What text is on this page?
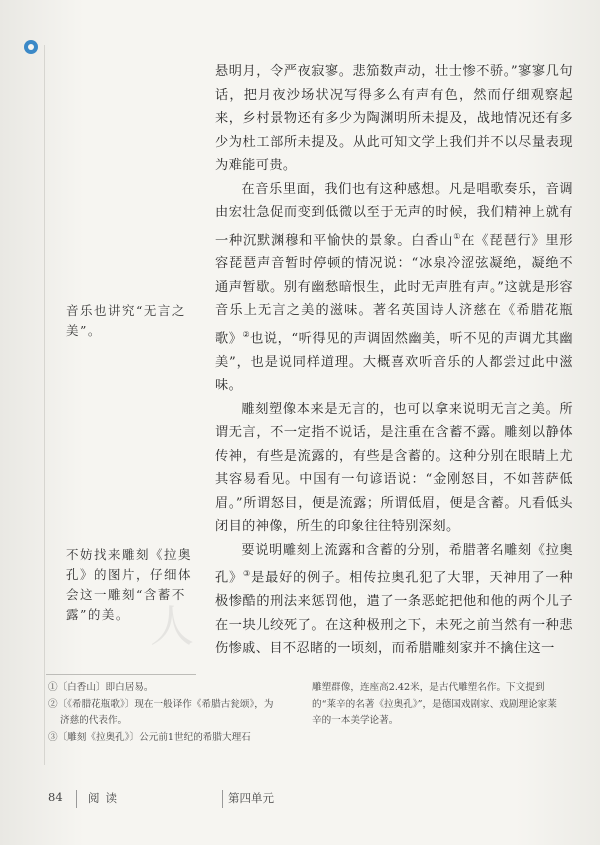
人

悬明月，令严夜寂寥。悲笳数声动，壮士惨不骄。”寥寥几句话，把月夜沙场状况写得多么有声有色，然而仔细观察起来，乡村景物还有多少为陶渊明所未提及，战地情况还有多少为杜工部所未提及。从此可知文学上我们并不以尽量表现为难能可贵。

在音乐里面，我们也有这种感想。凡是唱歌奏乐，音调由宏壮急促而变到低微以至于无声的时候，我们精神上就有一种沉默渊穆和平愉快的景象。白香山①在《琵琶行》里形容琵琶声音暂时停顿的情况说：“冰泉冷涩弦凝绝，凝绝不通声暂歇。别有幽愁暗恨生，此时无声胜有声。”这就是形容音乐上无言之美的滋味。著名英国诗人济慈在《希腊花瓶歌》②也说，“听得见的声调固然幽美，听不见的声调尤其幽美”，也是说同样道理。大概喜欢听音乐的人都尝过此中滋味。

雕刻塑像本来是无言的，也可以拿来说明无言之美。所谓无言，不一定指不说话，是注重在含蓄不露。雕刻以静体传神，有些是流露的，有些是含蓄的。这种分别在眼睛上尤其容易看见。中国有一句谚语说：“金刚怒目，不如菩萨低眉。”所谓怒目，便是流露；所谓低眉，便是含蓄。凡看低头闭目的神像，所生的印象往往特别深刻。

要说明雕刻上流露和含蓄的分别，希腊著名雕刻《拉奥孔》③是最好的例子。相传拉奥孔犯了大罪，天神用了一种极惨酷的刑法来惩罚他，遣了一条恶蛇把他和他的两个儿子在一块儿绞死了。在这种极刑之下，未死之前当然有一种悲伤惨戚、目不忍睹的一顷刻，而希腊雕刻家并不擒住这一

音乐也讲究“无言之美”。
不妨找来雕刻《拉奥孔》的图片，仔细体会这一雕刻“含蓄不露”的美。
①〔白香山〕即白居易。
②〔《希腊花瓶歌》〕现在一般译作《希腊古瓮颂》，为济慈的代表作。
③〔雕刻《拉奥孔》〕公元前1世纪的希腊大理石
雕塑群像，连座高2.42米，是古代雕塑名作。下文提到的“莱辛的名著《拉奥孔》”，是德国戏剧家、戏剧理论家莱辛的一本美学论著。
84 阅读	第四单元
